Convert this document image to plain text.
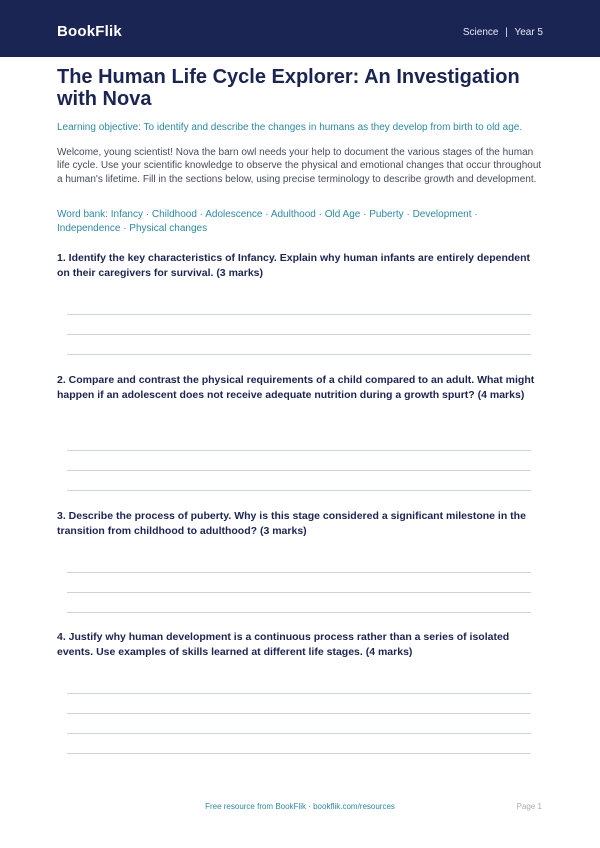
BookFlik	Science | Year 5
The Human Life Cycle Explorer: An Investigation with Nova
Learning objective: To identify and describe the changes in humans as they develop from birth to old age.
Welcome, young scientist! Nova the barn owl needs your help to document the various stages of the human life cycle. Use your scientific knowledge to observe the physical and emotional changes that occur throughout a human's lifetime. Fill in the sections below, using precise terminology to describe growth and development.
Word bank: Infancy · Childhood · Adolescence · Adulthood · Old Age · Puberty · Development · Independence · Physical changes

1. Identify the key characteristics of Infancy. Explain why human infants are entirely dependent on their caregivers for survival. (3 marks)

2. Compare and contrast the physical requirements of a child compared to an adult. What might happen if an adolescent does not receive adequate nutrition during a growth spurt? (4 marks)

3. Describe the process of puberty. Why is this stage considered a significant milestone in the transition from childhood to adulthood? (3 marks)

4. Justify why human development is a continuous process rather than a series of isolated events. Use examples of skills learned at different life stages. (4 marks)

Free resource from BookFlik · bookflik.com/resources	Page 1
